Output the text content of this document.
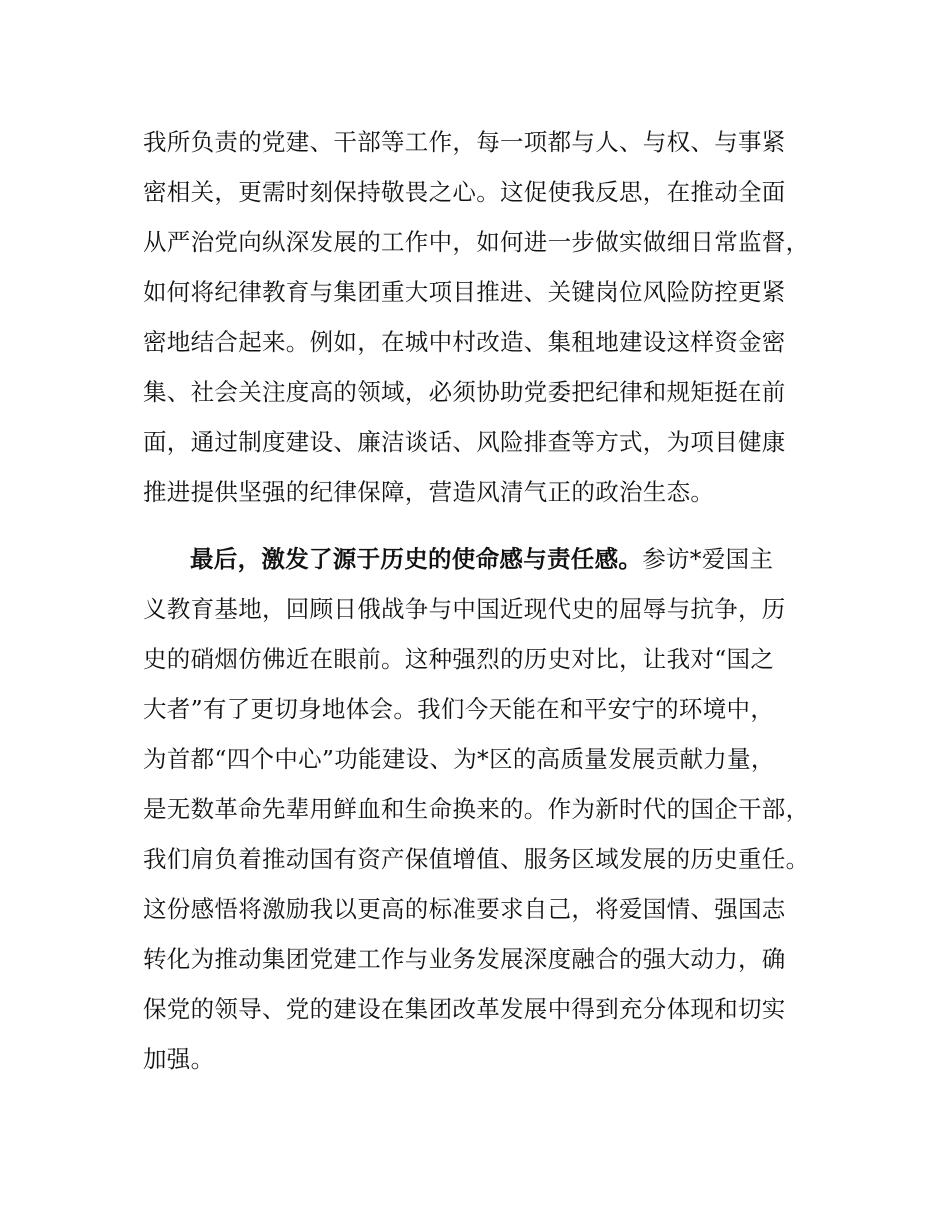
我所负责的党建、干部等工作，每一项都与人、与权、与事紧
密相关，更需时刻保持敬畏之心。这促使我反思，在推动全面
从严治党向纵深发展的工作中，如何进一步做实做细日常监督，
如何将纪律教育与集团重大项目推进、关键岗位风险防控更紧
密地结合起来。例如，在城中村改造、集租地建设这样资金密
集、社会关注度高的领域，必须协助党委把纪律和规矩挺在前
面，通过制度建设、廉洁谈话、风险排查等方式，为项目健康
推进提供坚强的纪律保障，营造风清气正的政治生态。
最后，激发了源于历史的使命感与责任感。参访*爱国主
义教育基地，回顾日俄战争与中国近现代史的屈辱与抗争，历
史的硝烟仿佛近在眼前。这种强烈的历史对比，让我对“国之
大者”有了更切身地体会。我们今天能在和平安宁的环境中，
为首都“四个中心”功能建设、为*区的高质量发展贡献力量，
是无数革命先辈用鲜血和生命换来的。作为新时代的国企干部，
我们肩负着推动国有资产保值增值、服务区域发展的历史重任。
这份感悟将激励我以更高的标准要求自己，将爱国情、强国志
转化为推动集团党建工作与业务发展深度融合的强大动力，确
保党的领导、党的建设在集团改革发展中得到充分体现和切实
加强。
